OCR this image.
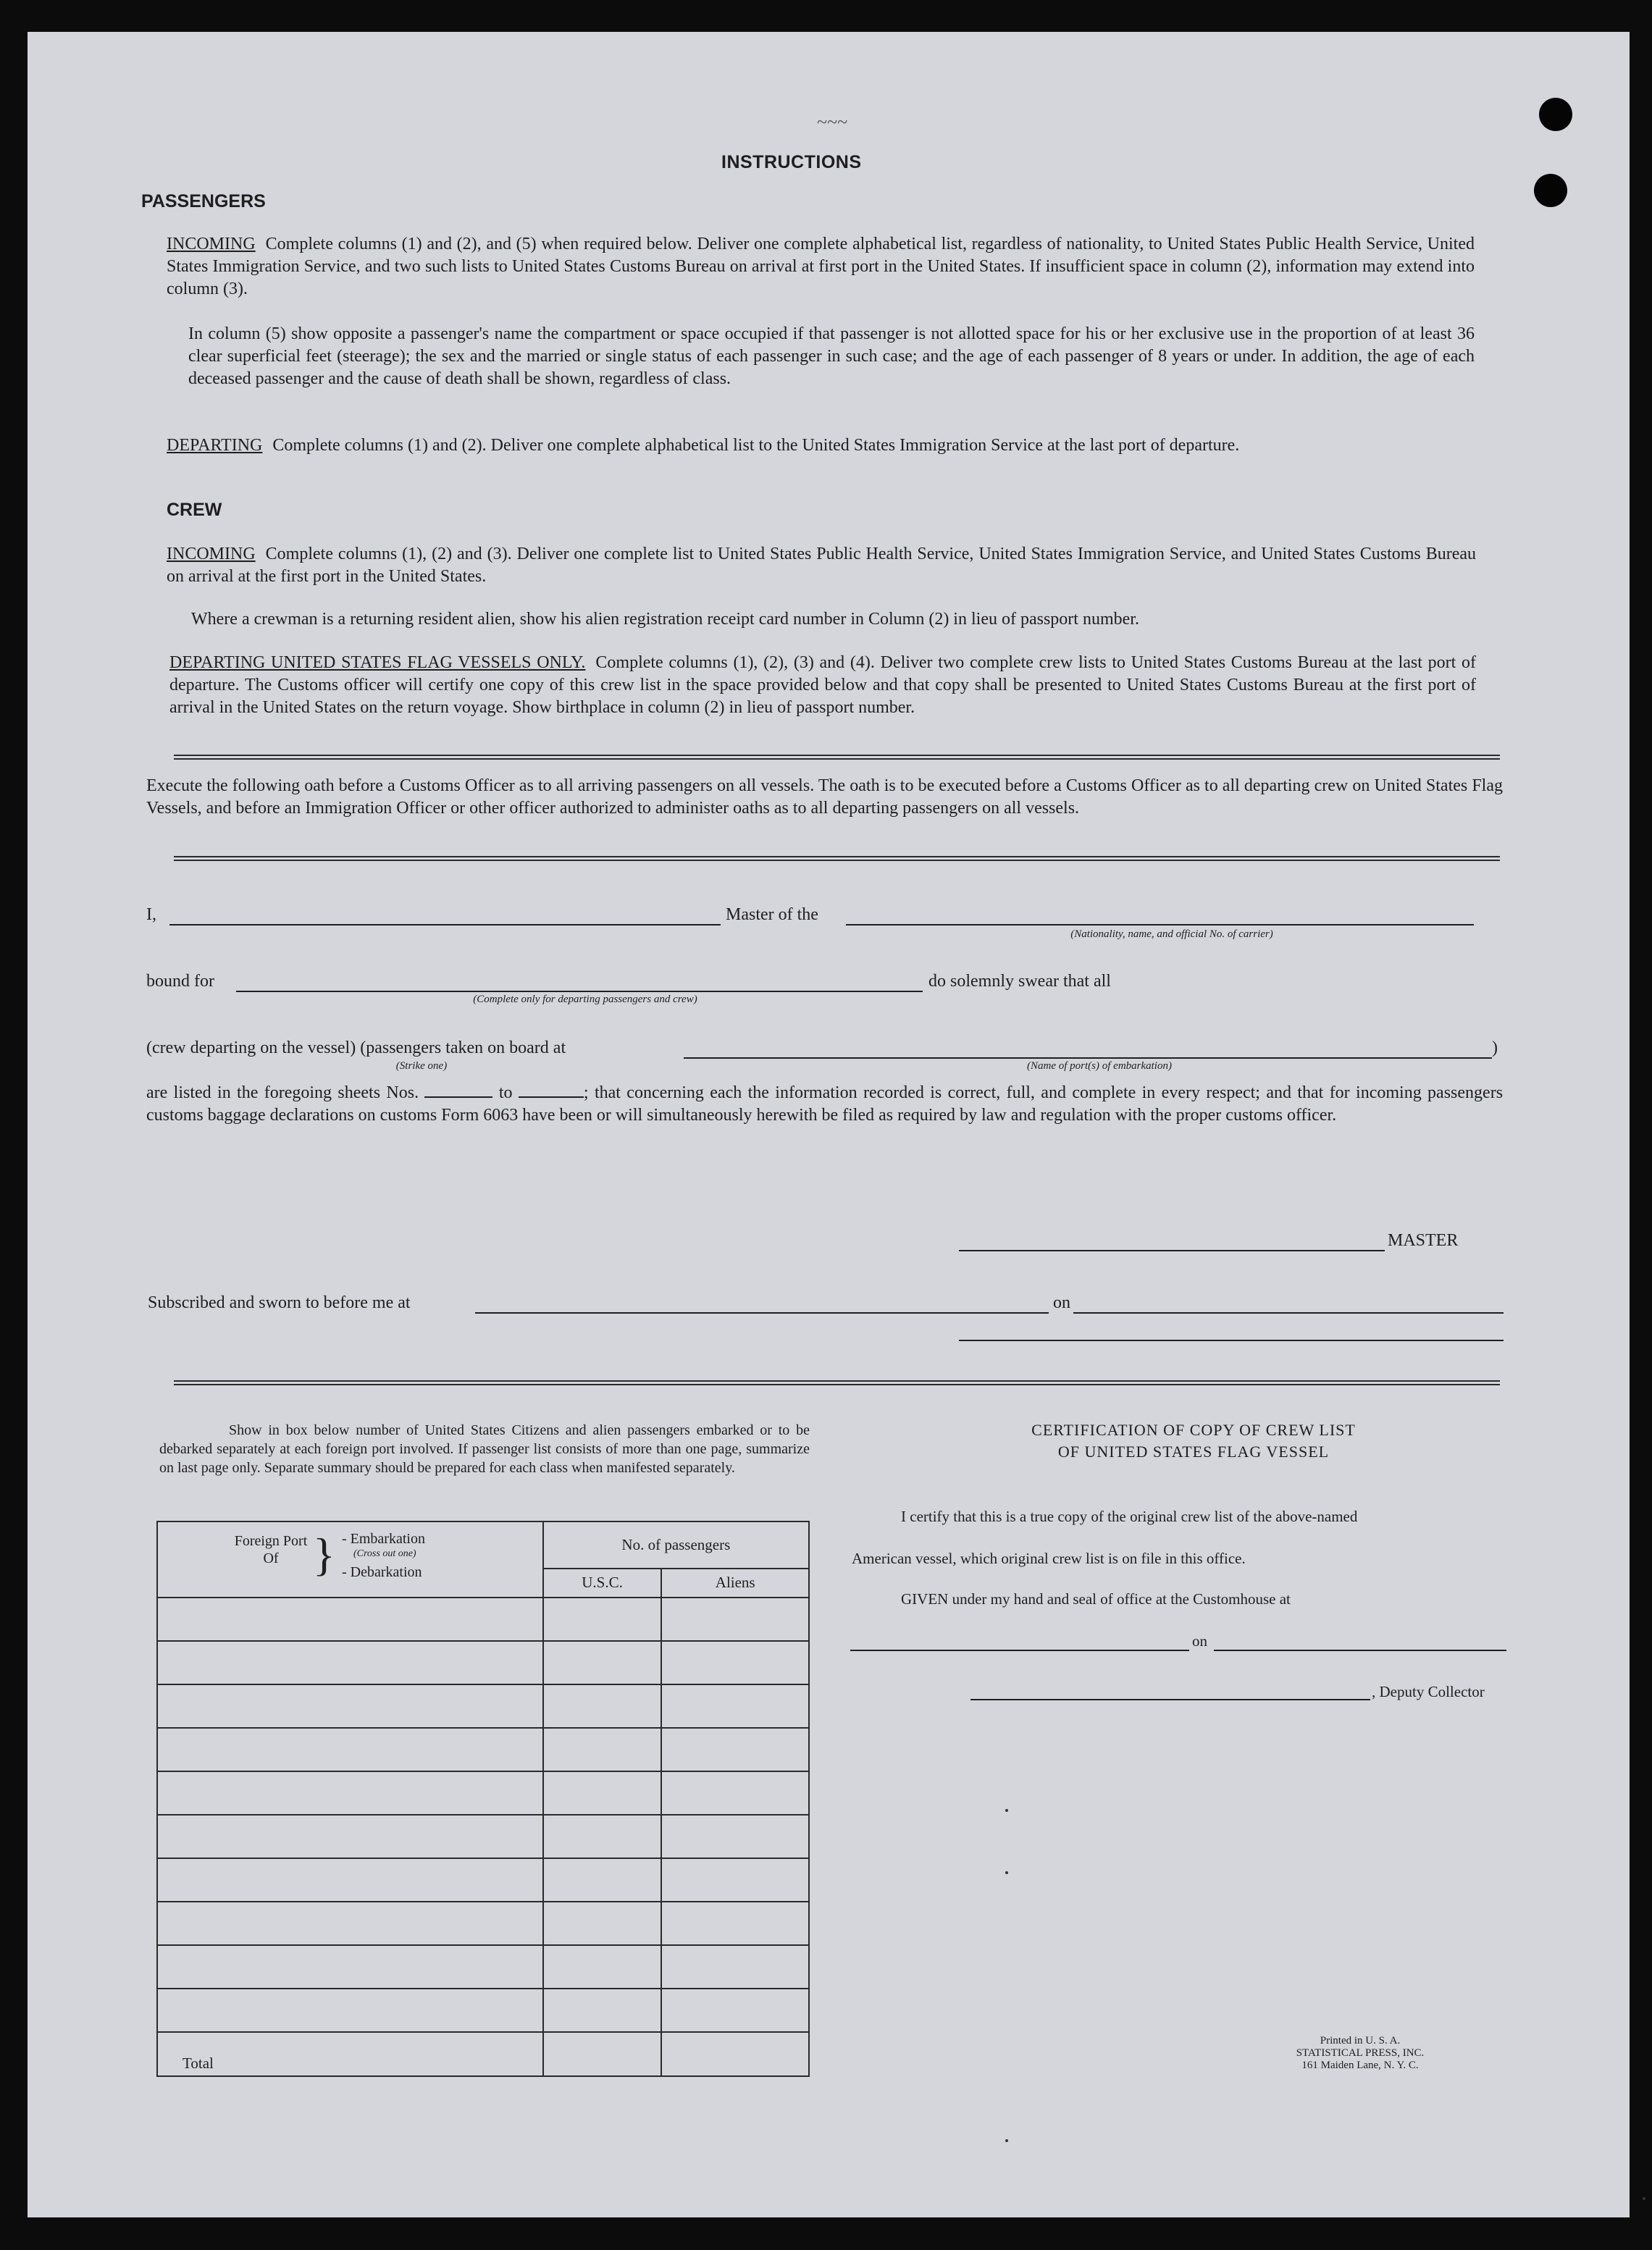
INSTRUCTIONS
PASSENGERS
INCOMING Complete columns (1) and (2), and (5) when required below. Deliver one complete alphabetical list, regardless of nationality, to United States Public Health Service, United States Immigration Service, and two such lists to United States Customs Bureau on arrival at first port in the United States. If insufficient space in column (2), information may extend into column (3).
In column (5) show opposite a passenger's name the compartment or space occupied if that passenger is not allotted space for his or her exclusive use in the proportion of at least 36 clear superficial feet (steerage); the sex and the married or single status of each passenger in such case; and the age of each passenger of 8 years or under. In addition, the age of each deceased passenger and the cause of death shall be shown, regardless of class.
DEPARTING Complete columns (1) and (2). Deliver one complete alphabetical list to the United States Immigration Service at the last port of departure.
CREW
INCOMING Complete columns (1), (2) and (3). Deliver one complete list to United States Public Health Service, United States Immigration Service, and United States Customs Bureau on arrival at the first port in the United States.
Where a crewman is a returning resident alien, show his alien registration receipt card number in Column (2) in lieu of passport number.
DEPARTING UNITED STATES FLAG VESSELS ONLY. Complete columns (1), (2), (3) and (4). Deliver two complete crew lists to United States Customs Bureau at the last port of departure. The Customs officer will certify one copy of this crew list in the space provided below and that copy shall be presented to United States Customs Bureau at the first port of arrival in the United States on the return voyage. Show birthplace in column (2) in lieu of passport number.
Execute the following oath before a Customs Officer as to all arriving passengers on all vessels. The oath is to be executed before a Customs Officer as to all departing crew on United States Flag Vessels, and before an Immigration Officer or other officer authorized to administer oaths as to all departing passengers on all vessels.
I,	Master of the
(Nationality, name, and official No. of carrier)
bound for
(Complete only for departing passengers and crew)
do solemnly swear that all
(crew departing on the vessel) (passengers taken on board at	)
(Strike one)	(Name of port(s) of embarkation)
are listed in the foregoing sheets Nos.	to	; that concerning each the information recorded is correct, full, and complete in every respect; and that for incoming passengers customs baggage declarations on customs Form 6063 have been or will simultaneously herewith be filed as required by law and regulation with the proper customs officer.
MASTER
Subscribed and sworn to before me at	on
Show in box below number of United States Citizens and alien passengers embarked or to be debarked separately at each foreign port involved. If passenger list consists of more than one page, summarize on last page only. Separate summary should be prepared for each class when manifested separately.
Foreign Port Of } - Embarkation
(Cross out one)
- Debarkation	No. of passengers	
	U.S.C.	Aliens

Total		
CERTIFICATION OF COPY OF CREW LIST
OF UNITED STATES FLAG VESSEL
I certify that this is a true copy of the original crew list of the above-named
American vessel, which original crew list is on file in this office.
GIVEN under my hand and seal of office at the Customhouse at
on
, Deputy Collector
Printed in U. S. A.
STATISTICAL PRESS, INC.
161 Maiden Lane, N. Y. C.
~~~
